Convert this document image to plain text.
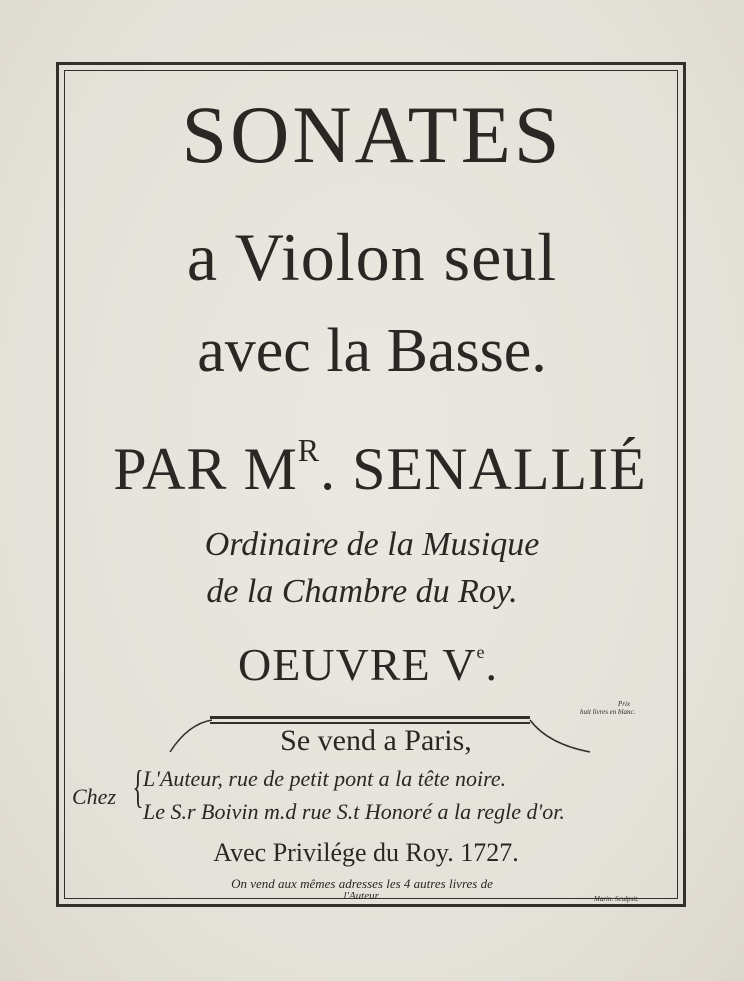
SONATES
a Violon seul
avec la Basse.
PAR $M^R$. SENALLIÉ
Ordinaire de la Musique
de la Chambre du Roy.
OEUVRE Ve.
Prix
huit livres en blanc.
Se vend a Paris,
Chez { L'Auteur, rue de petit pont a la tête noire.
Le S.r Boivin m.d rue S.t Honoré a la regle d'or.
Avec Privilége du Roy. 1727.
On vend aux mêmes adresses les 4 autres livres de
l'Auteur.	Marin. Sculpsit.
